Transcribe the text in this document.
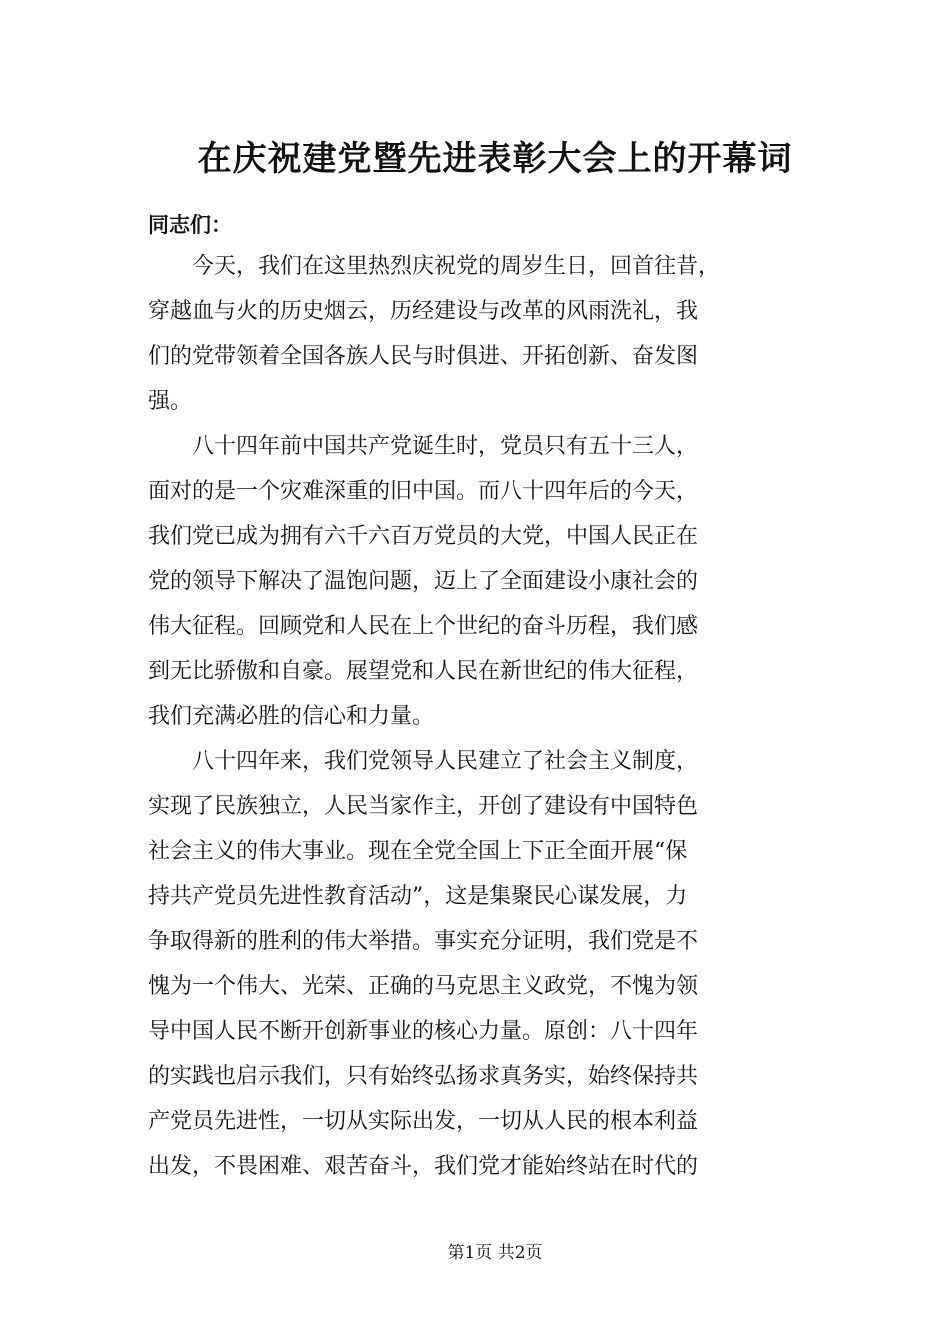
在庆祝建党暨先进表彰大会上的开幕词
同志们：
今天，我们在这里热烈庆祝党的周岁生日，回首往昔，
穿越血与火的历史烟云，历经建设与改革的风雨洗礼，我
们的党带领着全国各族人民与时俱进、开拓创新、奋发图
强。
八十四年前中国共产党诞生时，党员只有五十三人，
面对的是一个灾难深重的旧中国。而八十四年后的今天，
我们党已成为拥有六千六百万党员的大党，中国人民正在
党的领导下解决了温饱问题，迈上了全面建设小康社会的
伟大征程。回顾党和人民在上个世纪的奋斗历程，我们感
到无比骄傲和自豪。展望党和人民在新世纪的伟大征程，
我们充满必胜的信心和力量。
八十四年来，我们党领导人民建立了社会主义制度，
实现了民族独立，人民当家作主，开创了建设有中国特色
社会主义的伟大事业。现在全党全国上下正全面开展“保
持共产党员先进性教育活动”，这是集聚民心谋发展，力
争取得新的胜利的伟大举措。事实充分证明，我们党是不
愧为一个伟大、光荣、正确的马克思主义政党，不愧为领
导中国人民不断开创新事业的核心力量。原创：八十四年
的实践也启示我们，只有始终弘扬求真务实，始终保持共
产党员先进性，一切从实际出发，一切从人民的根本利益
出发，不畏困难、艰苦奋斗，我们党才能始终站在时代的
第1页 共2页
